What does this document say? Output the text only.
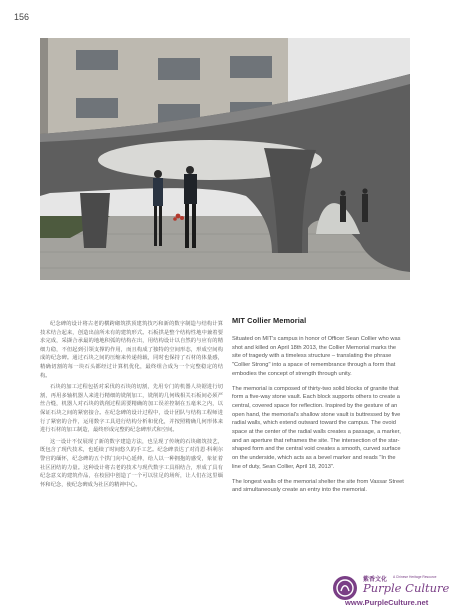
156

纪念碑的设计将古老的横跨砌筑拱顶建筑技巧和新的数字制造与结构计算技术结合起来，创造出前所未有的建筑形式。石板拱是整个结构性地中兼着要求完成，采撷合承最的地地积弧的结构在出，用结构设计以自然的与应有的精细力稳，不但起到引领支撑的作用，而且构成了独特的空间形态，形成空间构成的纪念碑。通过石块之间的压缩来传递荷载，同时也保持了石材的体量感，精确切割的每一块石头都经过计算机优化，最终组合成为一个完整稳定的结构。

石块的加工过程包括对采伐的石块的切割，先用专门的机器人块锯进行切割，再用多轴机器人来进行精细的铣削加工，铣削的几何线相关石板间必须严丝合缝，机器人对石块的铣削过程需要精确的加工误差控制在五毫米之内，以保证石块之间的紧密接合。在纪念碑的设计过程中，设计团队与结构工程师进行了紧密的合作，运用数字工具进行结构分析和优化，并按照精确几何形体来进行石材的加工制造，最终形成完整的纪念碑形式和空间。

这一设计不仅展现了新的数字建造方法，也呈现了传统的石块砌筑技艺，既包含了现代技术，也延续了时间悠久的手工艺。纪念碑表达了对肖恩·科利尔警官的缅怀，纪念碑的五个拱门向中心延伸，给人以一种拥抱的感受，象征着社区团结的力量。这种设计将古老的技术与现代数字工具相结合，形成了具有纪念意义的建筑作品，在校园中创造了一个可以驻足的场所，让人们在这里缅怀和纪念，使纪念碑成为社区的精神中心。

MIT Collier Memorial

Situated on MIT's campus in honor of Officer Sean Collier who was shot and killed on April 18th 2013, the Collier Memorial marks the site of tragedy with a timeless structure – translating the phrase "Collier Strong" into a space of remembrance through a form that embodies the concept of strength through unity.

The memorial is composed of thirty-two solid blocks of granite that form a five-way stone vault. Each block supports others to create a central, covered space for reflection. Inspired by the gesture of an open hand, the memorial's shallow stone vault is buttressed by five radial walls, which extend outward toward the campus. The ovoid space at the center of the radial walls creates a passage, a marker, and an aperture that reframes the site. The intersection of the star-shaped form and the central void creates a smooth, curved surface on the underside, which acts as a bevel marker and reads "In the line of duty, Sean Collier, April 18, 2013".

The longest walls of the memorial shelter the site from Vassar Street and simultaneously create an entry into the memorial.

紫香文化 A Chinese Heritage Resource
Purple Culture
www.PurpleCulture.net
